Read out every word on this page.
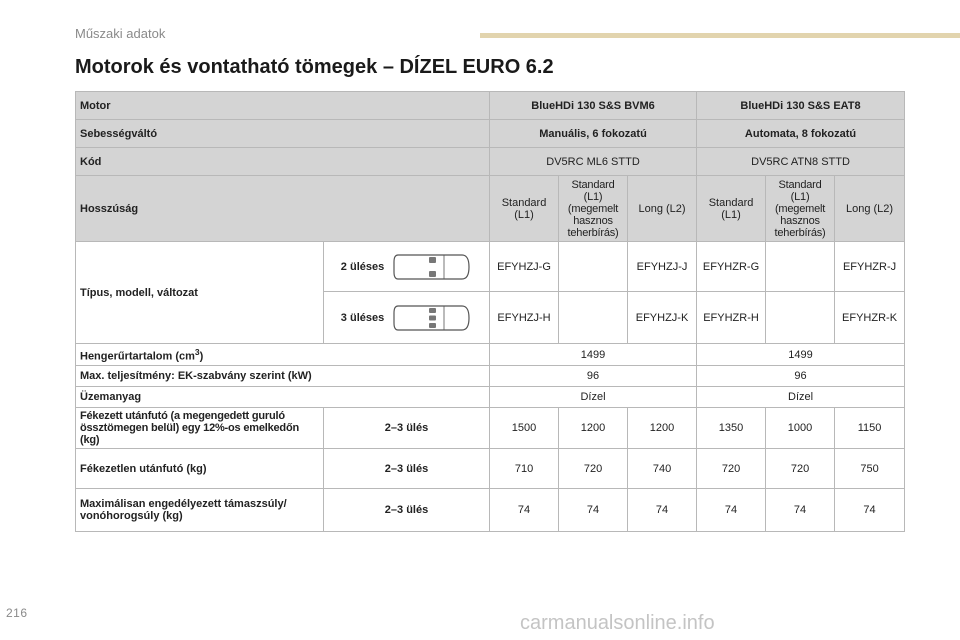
Műszaki adatok
Motorok és vontatható tömegek – DÍZEL EURO 6.2
Motor		BlueHDi 130 S&S BVM6			BlueHDi 130 S&S EAT8		
Sebességváltó		Manuális, 6 fokozatú			Automata, 8 fokozatú		
Kód		DV5RC ML6 STTD			DV5RC ATN8 STTD		
Hosszúság		Standard (L1)	Standard (L1) (megemelt hasznos teherbírás)	Long (L2)	Standard (L1)	Standard (L1) (megemelt hasznos teherbírás)	Long (L2)
Típus, modell, változat	2 üléses	EFYHZJ-G		EFYHZJ-J	EFYHZR-G		EFYHZR-J

	3 üléses	EFYHZJ-H		EFYHZJ-K	EFYHZR-H		EFYHZR-K
Hengerűrtartalom $(cm^3)$		1499			1499		
Max. teljesítmény: EK-szabvány szerint (kW)		96			96		
Üzemanyag		Dízel			Dízel		
Fékezett utánfutó (a megengedett guruló össztömegen belül) egy 12%-os emelkedőn (kg)	2–3 ülés	1500	1200	1200	1350	1000	1150
Fékezetlen utánfutó (kg)	2–3 ülés	710	720	740	720	720	750
Maximálisan engedélyezett támaszsúly/ vonóhorogsúly (kg)	2–3 ülés	74	74	74	74	74	74
216	carmanualsonline.info
